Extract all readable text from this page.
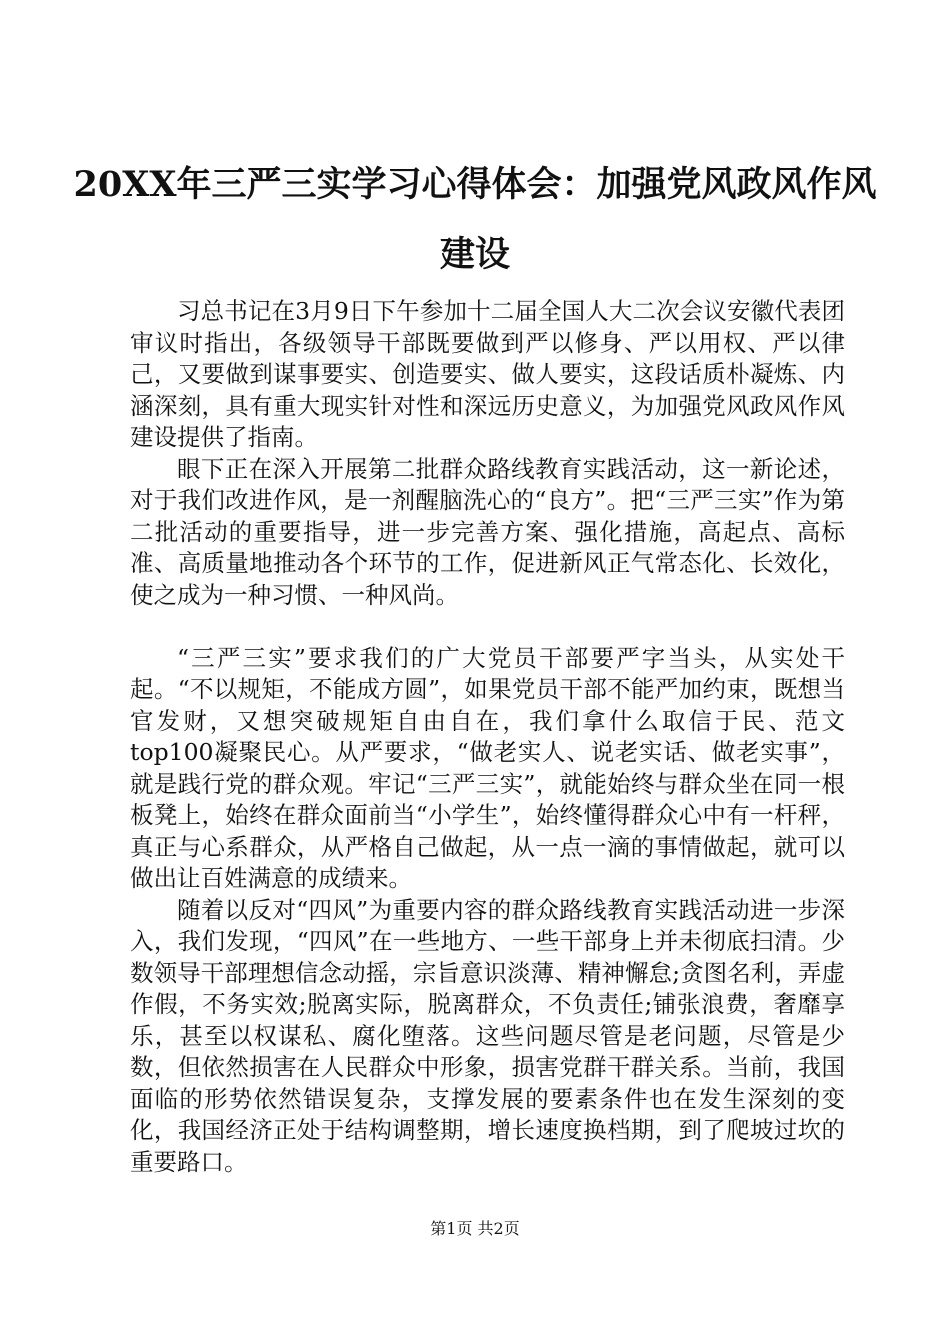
20XX年三严三实学习心得体会：加强党风政风作风建设

习总书记在3月9日下午参加十二届全国人大二次会议安徽代表团审议时指出，各级领导干部既要做到严以修身、严以用权、严以律己，又要做到谋事要实、创造要实、做人要实，这段话质朴凝炼、内涵深刻，具有重大现实针对性和深远历史意义，为加强党风政风作风建设提供了指南。

眼下正在深入开展第二批群众路线教育实践活动，这一新论述，对于我们改进作风，是一剂醒脑洗心的“良方”。把“三严三实”作为第二批活动的重要指导，进一步完善方案、强化措施，高起点、高标准、高质量地推动各个环节的工作，促进新风正气常态化、长效化，使之成为一种习惯、一种风尚。

“三严三实”要求我们的广大党员干部要严字当头，从实处干起。“不以规矩，不能成方圆”，如果党员干部不能严加约束，既想当官发财，又想突破规矩自由自在，我们拿什么取信于民、范文top100凝聚民心。从严要求，“做老实人、说老实话、做老实事”，就是践行党的群众观。牢记“三严三实”，就能始终与群众坐在同一根板凳上，始终在群众面前当“小学生”，始终懂得群众心中有一杆秤，真正与心系群众，从严格自己做起，从一点一滴的事情做起，就可以做出让百姓满意的成绩来。

随着以反对“四风”为重要内容的群众路线教育实践活动进一步深入，我们发现，“四风”在一些地方、一些干部身上并未彻底扫清。少数领导干部理想信念动摇，宗旨意识淡薄、精神懈怠;贪图名利，弄虚作假，不务实效;脱离实际，脱离群众，不负责任;铺张浪费，奢靡享乐，甚至以权谋私、腐化堕落。这些问题尽管是老问题，尽管是少数，但依然损害在人民群众中形象，损害党群干群关系。当前，我国面临的形势依然错误复杂，支撑发展的要素条件也在发生深刻的变化，我国经济正处于结构调整期，增长速度换档期，到了爬坡过坎的重要路口。

第1页 共2页
